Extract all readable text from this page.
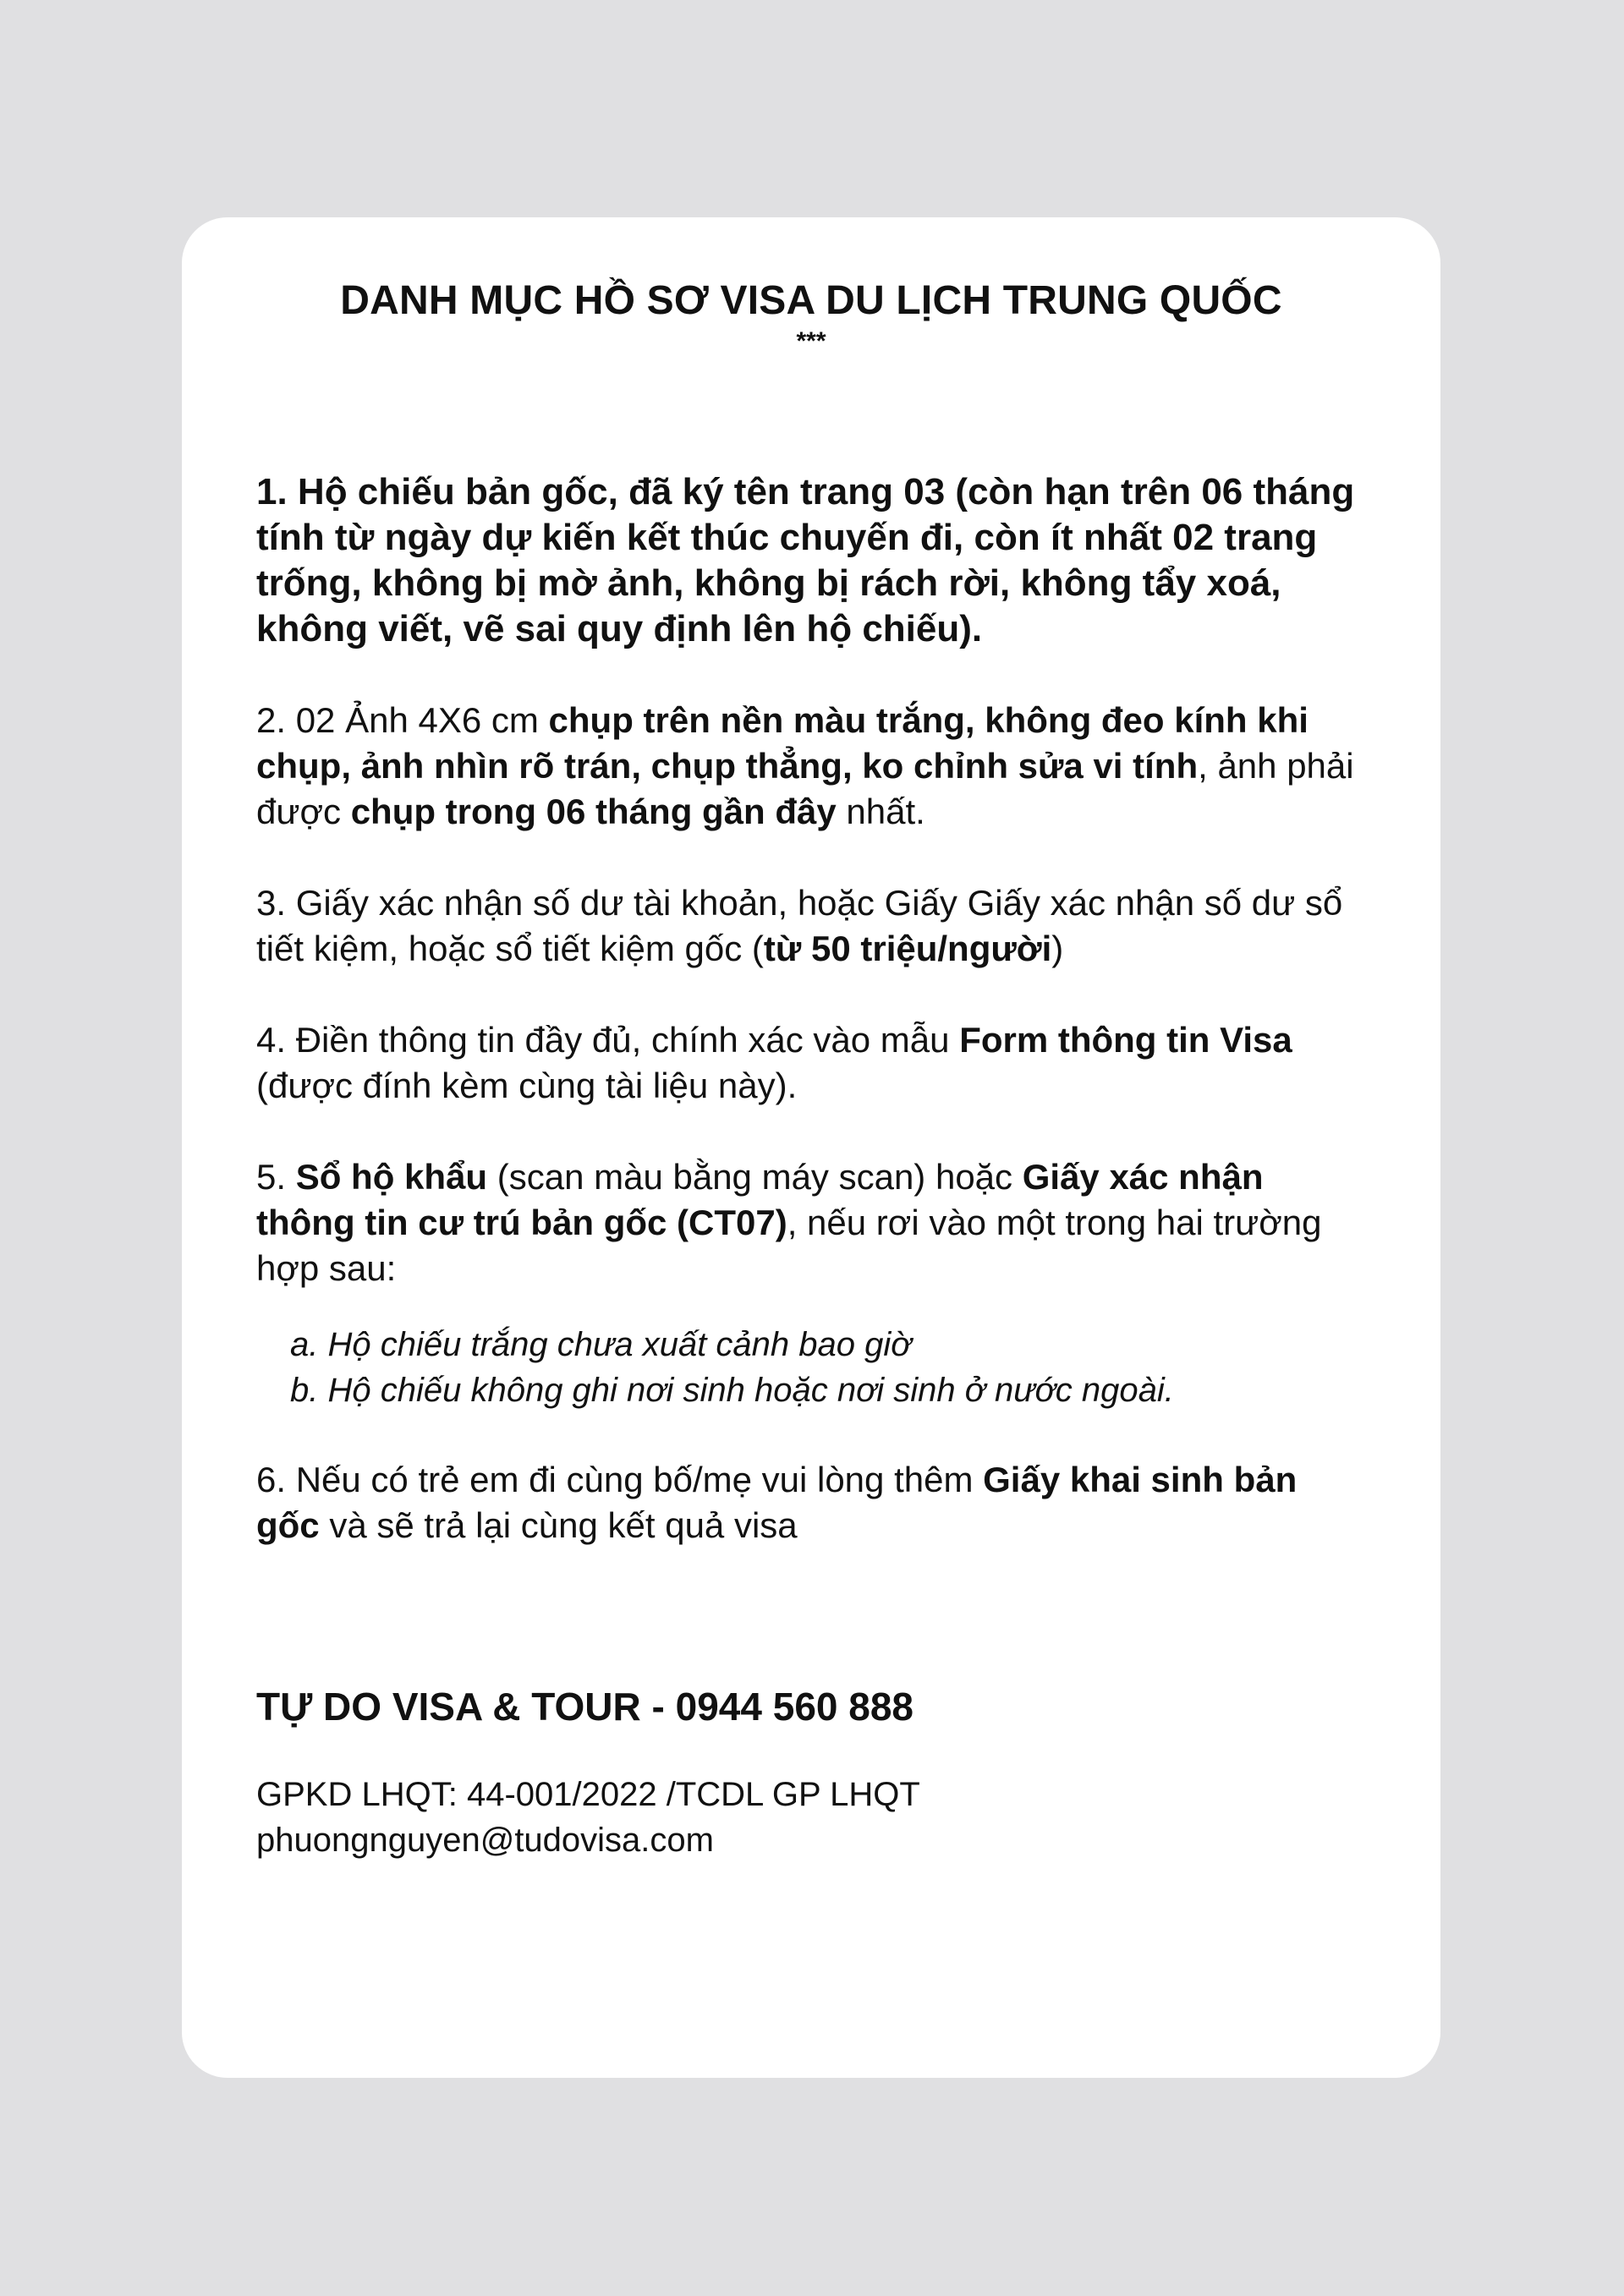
DANH MỤC HỒ SƠ VISA DU LỊCH TRUNG QUỐC
***

1. Hộ chiếu bản gốc, đã ký tên trang 03 (còn hạn trên 06 tháng tính từ ngày dự kiến kết thúc chuyến đi, còn ít nhất 02 trang trống, không bị mờ ảnh, không bị rách rời, không tẩy xoá, không viết, vẽ sai quy định lên hộ chiếu).

2. 02 Ảnh 4X6 cm chụp trên nền màu trắng, không đeo kính khi chụp, ảnh nhìn rõ trán, chụp thẳng, ko chỉnh sửa vi tính, ảnh phải được chụp trong 06 tháng gần đây nhất.

3. Giấy xác nhận số dư tài khoản, hoặc Giấy Giấy xác nhận số dư sổ tiết kiệm, hoặc sổ tiết kiệm gốc (từ 50 triệu/người)

4. Điền thông tin đầy đủ, chính xác vào mẫu Form thông tin Visa (được đính kèm cùng tài liệu này).

5. Sổ hộ khẩu (scan màu bằng máy scan) hoặc Giấy xác nhận thông tin cư trú bản gốc (CT07), nếu rơi vào một trong hai trường hợp sau:

a. Hộ chiếu trắng chưa xuất cảnh bao giờ
b. Hộ chiếu không ghi nơi sinh hoặc nơi sinh ở nước ngoài.

6. Nếu có trẻ em đi cùng bố/mẹ vui lòng thêm Giấy khai sinh bản gốc và sẽ trả lại cùng kết quả visa

TỰ DO VISA & TOUR - 0944 560 888
GPKD LHQT: 44-001/2022 /TCDL GP LHQT
phuongnguyen@tudovisa.com
